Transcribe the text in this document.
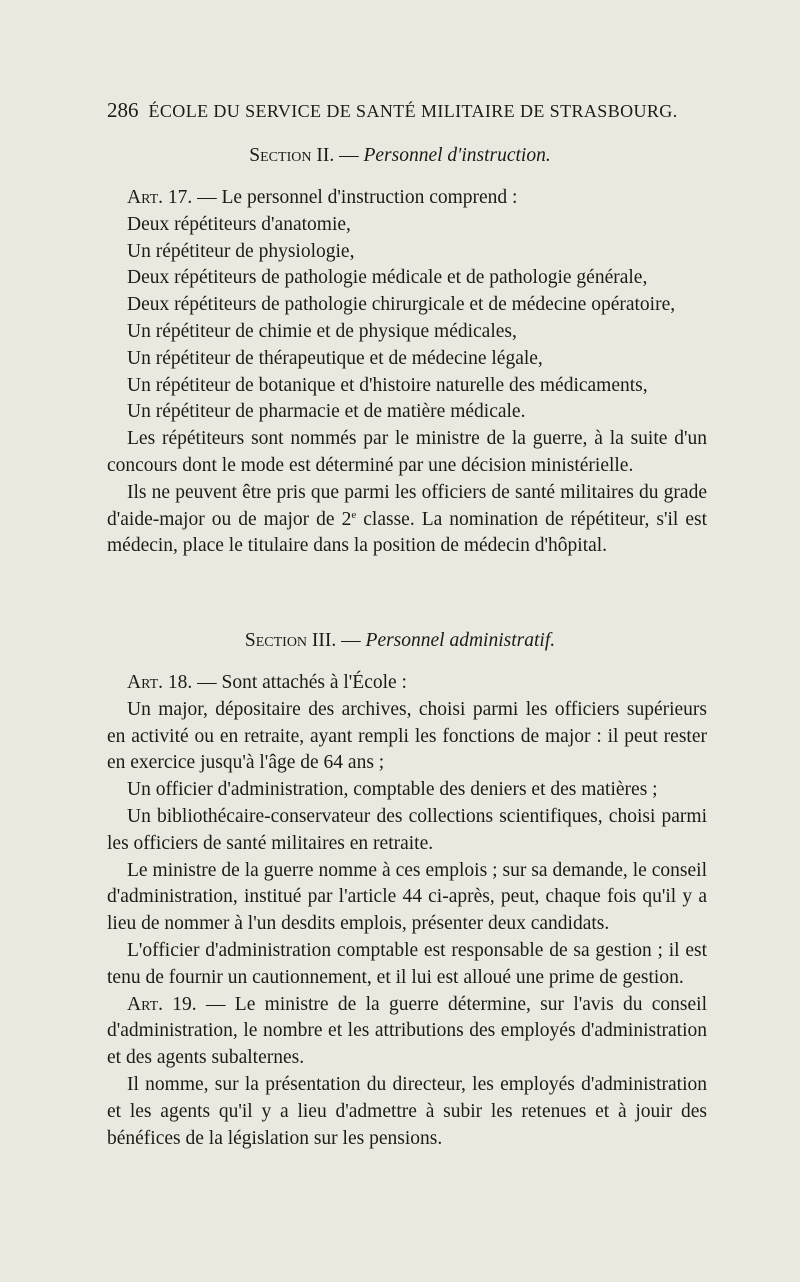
286 ÉCOLE DU SERVICE DE SANTÉ MILITAIRE DE STRASBOURG.
Section II. — Personnel d'instruction.

Art. 17. — Le personnel d'instruction comprend :

Deux répétiteurs d'anatomie,

Un répétiteur de physiologie,

Deux répétiteurs de pathologie médicale et de pathologie générale,

Deux répétiteurs de pathologie chirurgicale et de médecine opératoire,

Un répétiteur de chimie et de physique médicales,

Un répétiteur de thérapeutique et de médecine légale,

Un répétiteur de botanique et d'histoire naturelle des médicaments,

Un répétiteur de pharmacie et de matière médicale.

Les répétiteurs sont nommés par le ministre de la guerre, à la suite d'un concours dont le mode est déterminé par une décision ministérielle.

Ils ne peuvent être pris que parmi les officiers de santé militaires du grade d'aide-major ou de major de 2e classe. La nomination de répétiteur, s'il est médecin, place le titulaire dans la position de médecin d'hôpital.

Section III. — Personnel administratif.

Art. 18. — Sont attachés à l'École :

Un major, dépositaire des archives, choisi parmi les officiers supérieurs en activité ou en retraite, ayant rempli les fonctions de major : il peut rester en exercice jusqu'à l'âge de 64 ans ;

Un officier d'administration, comptable des deniers et des matières ;

Un bibliothécaire-conservateur des collections scientifiques, choisi parmi les officiers de santé militaires en retraite.

Le ministre de la guerre nomme à ces emplois ; sur sa demande, le conseil d'administration, institué par l'article 44 ci-après, peut, chaque fois qu'il y a lieu de nommer à l'un desdits emplois, présenter deux candidats.

L'officier d'administration comptable est responsable de sa gestion ; il est tenu de fournir un cautionnement, et il lui est alloué une prime de gestion.

Art. 19. — Le ministre de la guerre détermine, sur l'avis du conseil d'administration, le nombre et les attributions des employés d'administration et des agents subalternes.

Il nomme, sur la présentation du directeur, les employés d'administration et les agents qu'il y a lieu d'admettre à subir les retenues et à jouir des bénéfices de la législation sur les pensions.
